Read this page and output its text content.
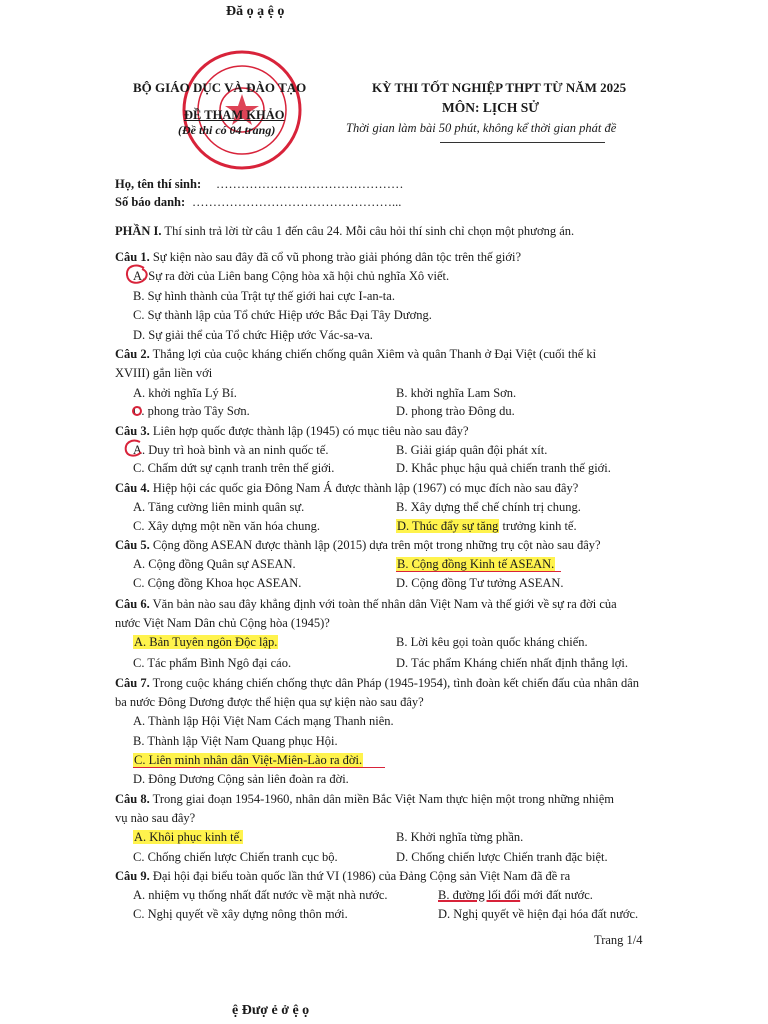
Đă ọ ạ ệ ọ
BỘ GIÁO DỤC VÀ ĐÀO TẠO
ĐỀ THAM KHẢO
(Đề thi có 04 trang)
KỲ THI TỐT NGHIỆP THPT TỪ NĂM 2025
MÔN: LỊCH SỬ
Thời gian làm bài 50 phút, không kể thời gian phát đề
Họ, tên thí sinh: ………………………………………
Số báo danh: …………………………………………...
PHẦN I. Thí sinh trả lời từ câu 1 đến câu 24. Mỗi câu hỏi thí sinh chỉ chọn một phương án.
Câu 1. Sự kiện nào sau đây đã cổ vũ phong trào giải phóng dân tộc trên thế giới?
A. Sự ra đời của Liên bang Cộng hòa xã hội chủ nghĩa Xô viết.
B. Sự hình thành của Trật tự thế giới hai cực I-an-ta.
C. Sự thành lập của Tổ chức Hiệp ước Bắc Đại Tây Dương.
D. Sự giải thể của Tổ chức Hiệp ước Vác-sa-va.
Câu 2. Thắng lợi của cuộc kháng chiến chống quân Xiêm và quân Thanh ở Đại Việt (cuối thế kỉ
XVIII) gắn liền với
A. khởi nghĩa Lý Bí.	B. khởi nghĩa Lam Sơn.
C. phong trào Tây Sơn.	D. phong trào Đông du.
Câu 3. Liên hợp quốc được thành lập (1945) có mục tiêu nào sau đây?
A. Duy trì hoà bình và an ninh quốc tế.	B. Giải giáp quân đội phát xít.
C. Chấm dứt sự cạnh tranh trên thế giới.	D. Khắc phục hậu quả chiến tranh thế giới.
Câu 4. Hiệp hội các quốc gia Đông Nam Á được thành lập (1967) có mục đích nào sau đây?
A. Tăng cường liên minh quân sự.	B. Xây dựng thể chế chính trị chung.
C. Xây dựng một nền văn hóa chung.	D. Thúc đẩy sự tăng trưởng kinh tế.
Câu 5. Cộng đồng ASEAN được thành lập (2015) dựa trên một trong những trụ cột nào sau đây?
A. Cộng đồng Quân sự ASEAN.	B. Cộng đồng Kinh tế ASEAN.
C. Cộng đồng Khoa học ASEAN.	D. Cộng đồng Tư tưởng ASEAN.
Câu 6. Văn bản nào sau đây khẳng định với toàn thế nhân dân Việt Nam và thế giới về sự ra đời của
nước Việt Nam Dân chủ Cộng hòa (1945)?
A. Bản Tuyên ngôn Độc lập.	B. Lời kêu gọi toàn quốc kháng chiến.
C. Tác phẩm Bình Ngô đại cáo.	D. Tác phẩm Kháng chiến nhất định thắng lợi.
Câu 7. Trong cuộc kháng chiến chống thực dân Pháp (1945-1954), tình đoàn kết chiến đấu của nhân dân
ba nước Đông Dương được thể hiện qua sự kiện nào sau đây?
A. Thành lập Hội Việt Nam Cách mạng Thanh niên.
B. Thành lập Việt Nam Quang phục Hội.
C. Liên minh nhân dân Việt-Miên-Lào ra đời.
D. Đông Dương Cộng sản liên đoàn ra đời.
Câu 8. Trong giai đoạn 1954-1960, nhân dân miền Bắc Việt Nam thực hiện một trong những nhiệm
vụ nào sau đây?
A. Khôi phục kinh tế.	B. Khởi nghĩa từng phần.
C. Chống chiến lược Chiến tranh cục bộ.	D. Chống chiến lược Chiến tranh đặc biệt.
Câu 9. Đại hội đại biểu toàn quốc lần thứ VI (1986) của Đảng Cộng sản Việt Nam đã đề ra
A. nhiệm vụ thống nhất đất nước về mặt nhà nước.	B. đường lối đổi mới đất nước.
C. Nghị quyết về xây dựng nông thôn mới.	D. Nghị quyết về hiện đại hóa đất nước.
Trang 1/4
ệ Đượ ẻ ở ệ ọ
